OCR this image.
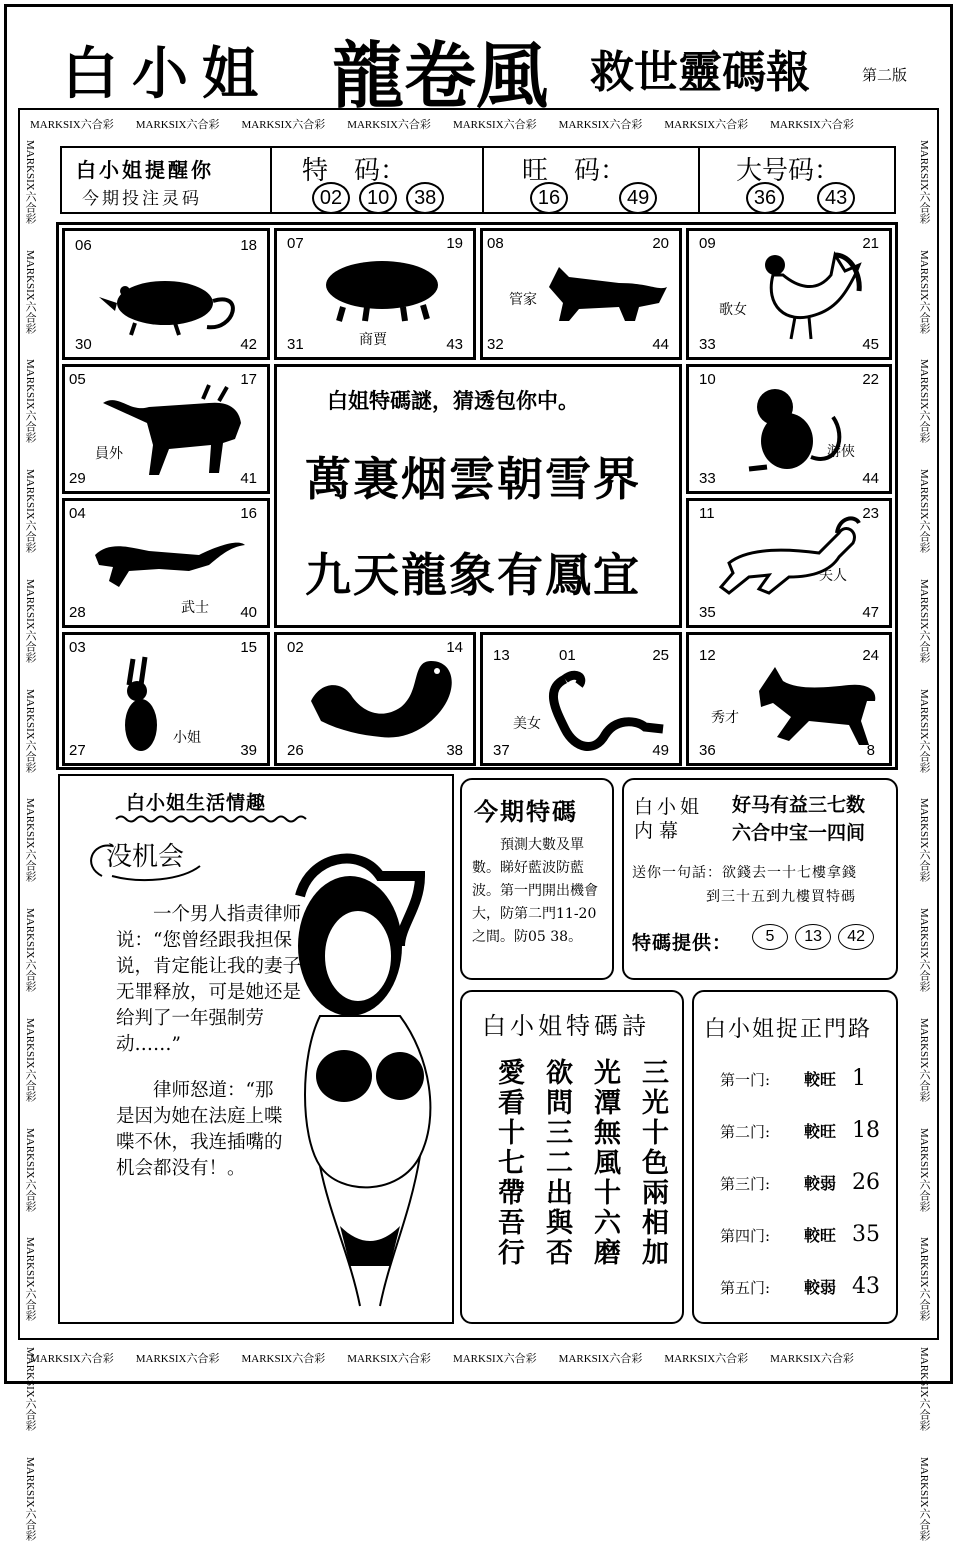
白小姐 龍卷風 救世靈碼報	第二版
MARKSIX六合彩 MARKSIX六合彩 MARKSIX六合彩 MARKSIX六合彩 MARKSIX六合彩 MARKSIX六合彩 MARKSIX六合彩 MARKSIX六合彩
MARKSIX六合彩 MARKSIX六合彩 MARKSIX六合彩 MARKSIX六合彩 MARKSIX六合彩 MARKSIX六合彩 MARKSIX六合彩 MARKSIX六合彩
MARKSIX六合彩
MARKSIX六合彩
MARKSIX六合彩
MARKSIX六合彩
MARKSIX六合彩
MARKSIX六合彩
MARKSIX六合彩
MARKSIX六合彩
MARKSIX六合彩
MARKSIX六合彩
MARKSIX六合彩
MARKSIX六合彩
MARKSIX六合彩
MARKSIX六合彩
MARKSIX六合彩
MARKSIX六合彩
MARKSIX六合彩
MARKSIX六合彩
MARKSIX六合彩
MARKSIX六合彩
MARKSIX六合彩
MARKSIX六合彩
MARKSIX六合彩
MARKSIX六合彩
MARKSIX六合彩
MARKSIX六合彩
白小姐提醒你
今期投注灵码
特　码：
02 10 38
旺　码：
16	49
大号码：
36 43
06	18
30	42
07	19
31	43
商賈
08	20
32	44
管家
09	21
33	45
歌女
05	17
29	41
員外
10	22
33	44
游俠
白姐特碼謎，猜透包你中。
萬裏烟雲朝雪界
九天龍象有鳳宜
04	16
28	40
武士
11	23
35	47
夫人
03	15
27	39
小姐
02	14
26	38
13	01	25
37	49
美女
12	24
36	8
秀才
白小姐生活情趣
没机会
一个男人指责律师说：“您曾经跟我担保说，肯定能让我的妻子无罪释放，可是她还是给判了一年强制劳动……”
律师怒道：“那是因为她在法庭上喋喋不休，我连插嘴的机会都没有！。
今期特碼
預測大數及單數。睇好藍波防藍波。第一門開出機會大，防第二門11-20之間。防05 38。
白小姐
内幕
好马有益三七数
六合中宝一四间
送你一句話：欲錢去一十七樓拿錢
到三十五到九樓買特碼
特碼提供：	5 13 42
白小姐特碼詩
三光十色兩相加
光潭無風十六磨
欲問三二出與否
愛看十七帶吾行
白小姐捉正門路
第一门:	較旺 1
第二门:	較旺 18
第三门:	較弱 26
第四门:	較旺 35
第五门:	較弱 43
